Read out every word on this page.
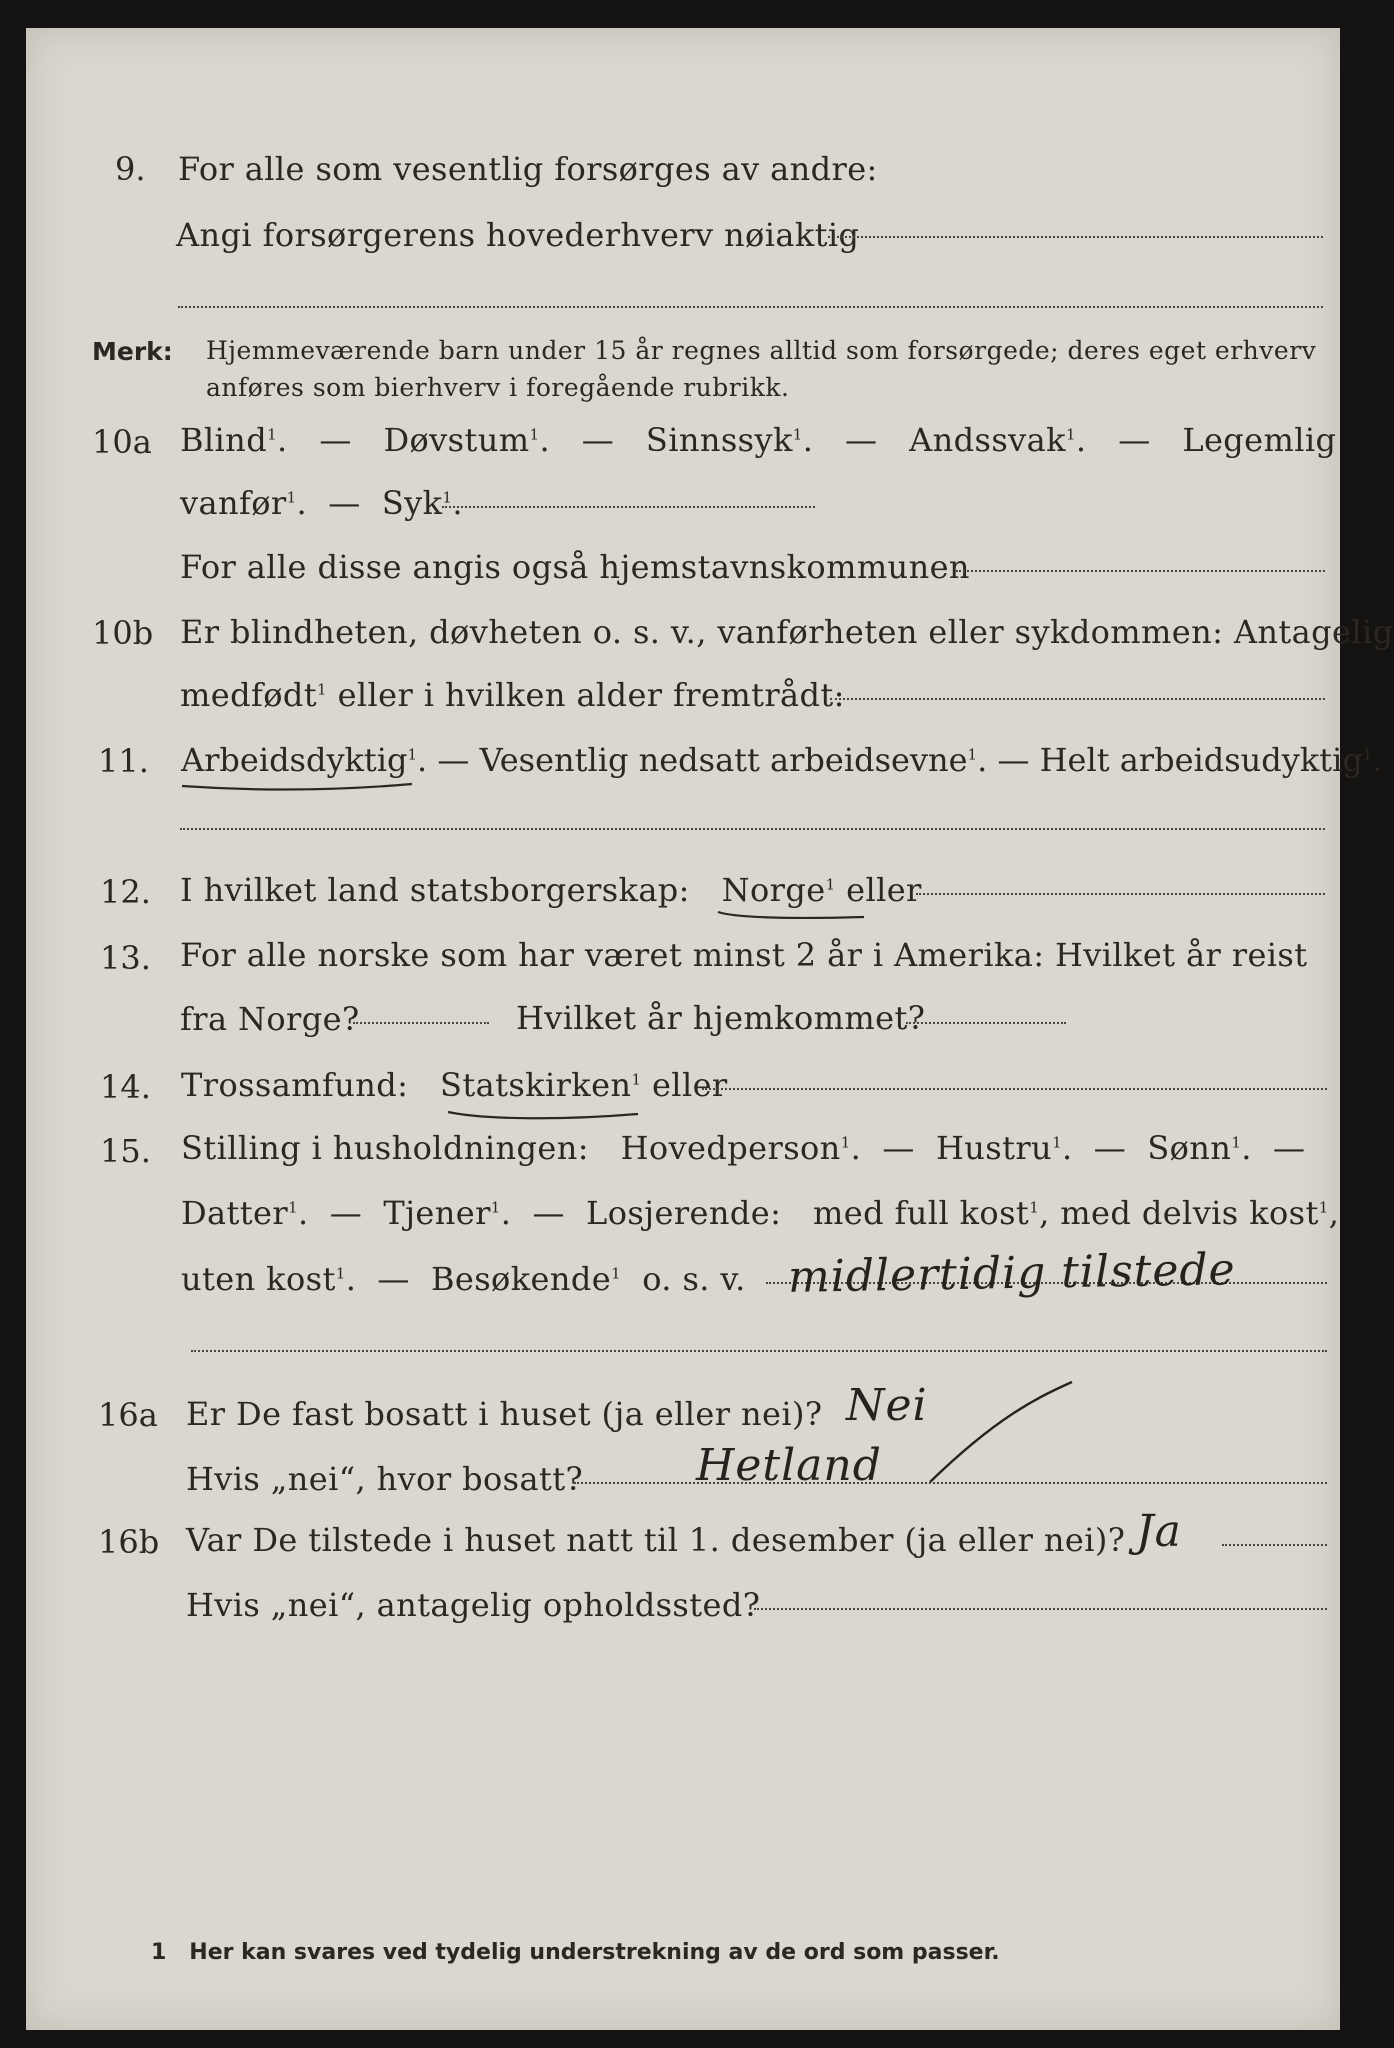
9. For alle som vesentlig forsørges av andre:
Angi forsørgerens hovederhverv nøiaktig
Merk: Hjemmeværende barn under 15 år regnes alltid som forsørgede; deres eget erhverv
anføres som bierhverv i foregående rubrikk.
10a Blind$^1$. — Døvstum$^1$. — Sinnssyk$^1$. — Andssvak$^1$. — Legemlig
vanfør$^1$. — Syk$^1$.
For alle disse angis også hjemstavnskommunen
10b Er blindheten, døvheten o. s. v., vanførheten eller sykdommen: Antagelig
medfødt$^1$ eller i hvilken alder fremtrådt:
11. Arbeidsdyktig$^1$. — Vesentlig nedsatt arbeidsevne$^1$. — Helt arbeidsudyktig$^1$.
12. I hvilket land statsborgerskap: Norge$^1$ eller
13. For alle norske som har været minst 2 år i Amerika: Hvilket år reist
fra Norge?	Hvilket år hjemkommet?
14. Trossamfund: Statskirken$^1$ eller
15. Stilling i husholdningen: Hovedperson$^1$. — Hustru$^1$. — Sønn$^1$. —
Datter$^1$. — Tjener$^1$. — Losjerende: med full kost$^1$, med delvis kost$^1$,
uten kost$^1$. — Besøkende$^1$ o. s. v. midlertidig tilstede
16a Er De fast bosatt i huset (ja eller nei)? Nei
Hvis „nei“, hvor bosatt?	Hetland
16b Var De tilstede i huset natt til 1. desember (ja eller nei)? Ja
Hvis „nei“, antagelig opholdssted?
1 Her kan svares ved tydelig understrekning av de ord som passer.
